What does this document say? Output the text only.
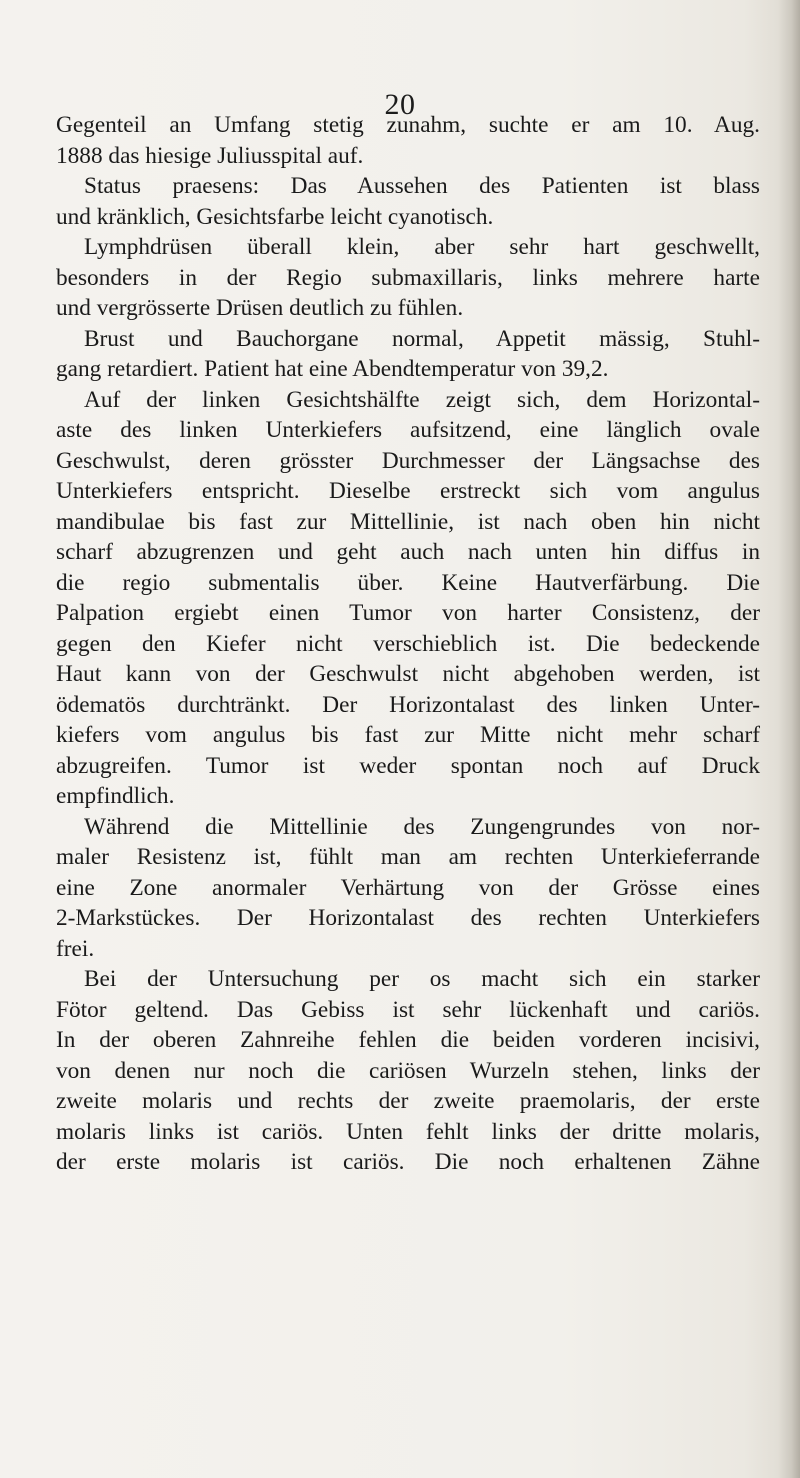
20
Gegenteil an Umfang stetig zunahm, suchte er am 10. Aug.
1888 das hiesige Juliusspital auf.
Status praesens: Das Aussehen des Patienten ist blass
und kränklich, Gesichtsfarbe leicht cyanotisch.
Lymphdrüsen überall klein, aber sehr hart geschwellt,
besonders in der Regio submaxillaris, links mehrere harte
und vergrösserte Drüsen deutlich zu fühlen.
Brust und Bauchorgane normal, Appetit mässig, Stuhl-
gang retardiert. Patient hat eine Abendtemperatur von 39,2.
Auf der linken Gesichtshälfte zeigt sich, dem Horizontal-
aste des linken Unterkiefers aufsitzend, eine länglich ovale
Geschwulst, deren grösster Durchmesser der Längsachse des
Unterkiefers entspricht. Dieselbe erstreckt sich vom angulus
mandibulae bis fast zur Mittellinie, ist nach oben hin nicht
scharf abzugrenzen und geht auch nach unten hin diffus in
die regio submentalis über. Keine Hautverfärbung. Die
Palpation ergiebt einen Tumor von harter Consistenz, der
gegen den Kiefer nicht verschieblich ist. Die bedeckende
Haut kann von der Geschwulst nicht abgehoben werden, ist
ödematös durchtränkt. Der Horizontalast des linken Unter-
kiefers vom angulus bis fast zur Mitte nicht mehr scharf
abzugreifen. Tumor ist weder spontan noch auf Druck
empfindlich.
Während die Mittellinie des Zungengrundes von nor-
maler Resistenz ist, fühlt man am rechten Unterkieferrande
eine Zone anormaler Verhärtung von der Grösse eines
2-Markstückes. Der Horizontalast des rechten Unterkiefers
frei.
Bei der Untersuchung per os macht sich ein starker
Fötor geltend. Das Gebiss ist sehr lückenhaft und cariös.
In der oberen Zahnreihe fehlen die beiden vorderen incisivi,
von denen nur noch die cariösen Wurzeln stehen, links der
zweite molaris und rechts der zweite praemolaris, der erste
molaris links ist cariös. Unten fehlt links der dritte molaris,
der erste molaris ist cariös. Die noch erhaltenen Zähne
